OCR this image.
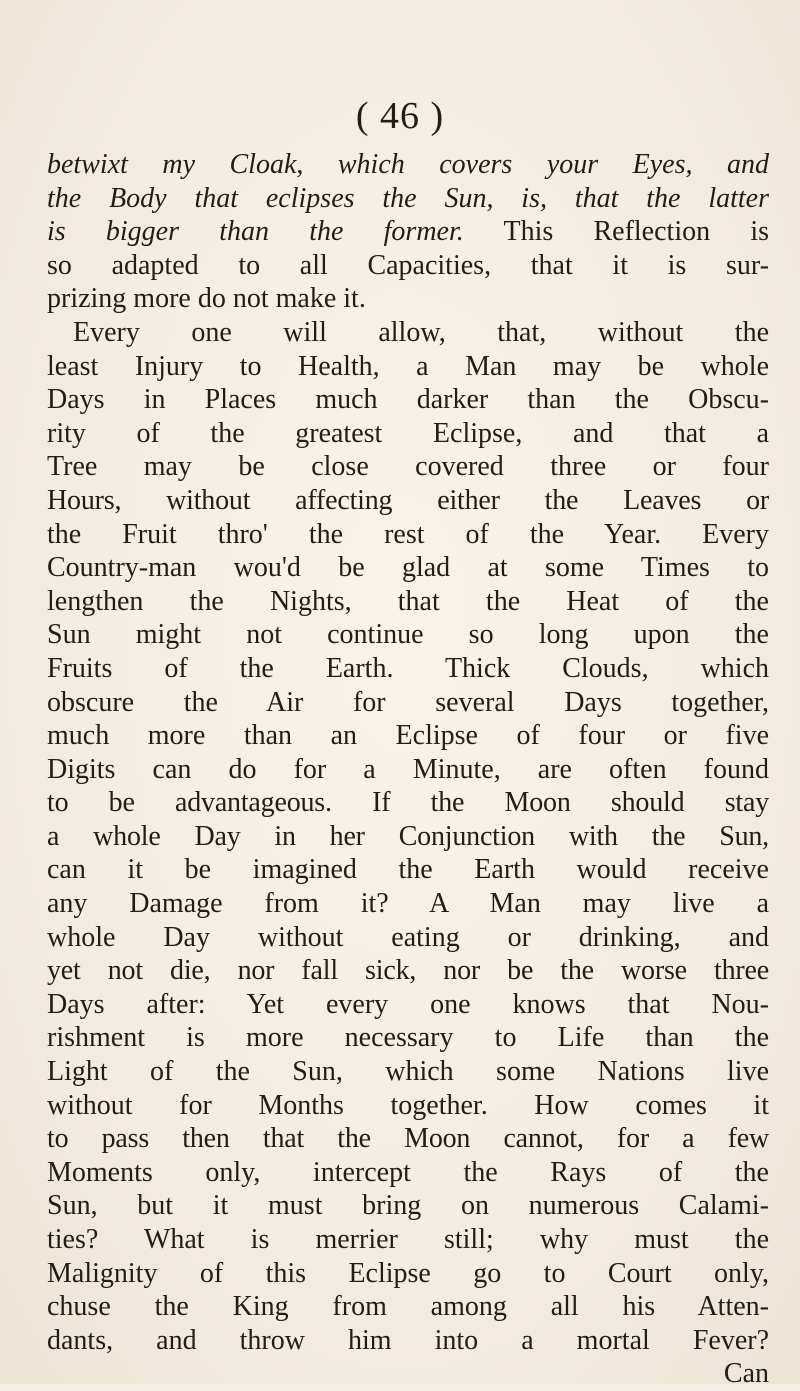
( 46 )
betwixt my Cloak, which covers your Eyes, and
the Body that eclipses the Sun, is, that the latter
is bigger than the former. This Reflection is
so adapted to all Capacities, that it is sur-
prizing more do not make it.
Every one will allow, that, without the
least Injury to Health, a Man may be whole
Days in Places much darker than the Obscu-
rity of the greatest Eclipse, and that a
Tree may be close covered three or four
Hours, without affecting either the Leaves or
the Fruit thro' the rest of the Year. Every
Country-man wou'd be glad at some Times to
lengthen the Nights, that the Heat of the
Sun might not continue so long upon the
Fruits of the Earth. Thick Clouds, which
obscure the Air for several Days together,
much more than an Eclipse of four or five
Digits can do for a Minute, are often found
to be advantageous. If the Moon should stay
a whole Day in her Conjunction with the Sun,
can it be imagined the Earth would receive
any Damage from it? A Man may live a
whole Day without eating or drinking, and
yet not die, nor fall sick, nor be the worse three
Days after: Yet every one knows that Nou-
rishment is more necessary to Life than the
Light of the Sun, which some Nations live
without for Months together. How comes it
to pass then that the Moon cannot, for a few
Moments only, intercept the Rays of the
Sun, but it must bring on numerous Calami-
ties? What is merrier still; why must the
Malignity of this Eclipse go to Court only,
chuse the King from among all his Atten-
dants, and throw him into a mortal Fever?
Can
